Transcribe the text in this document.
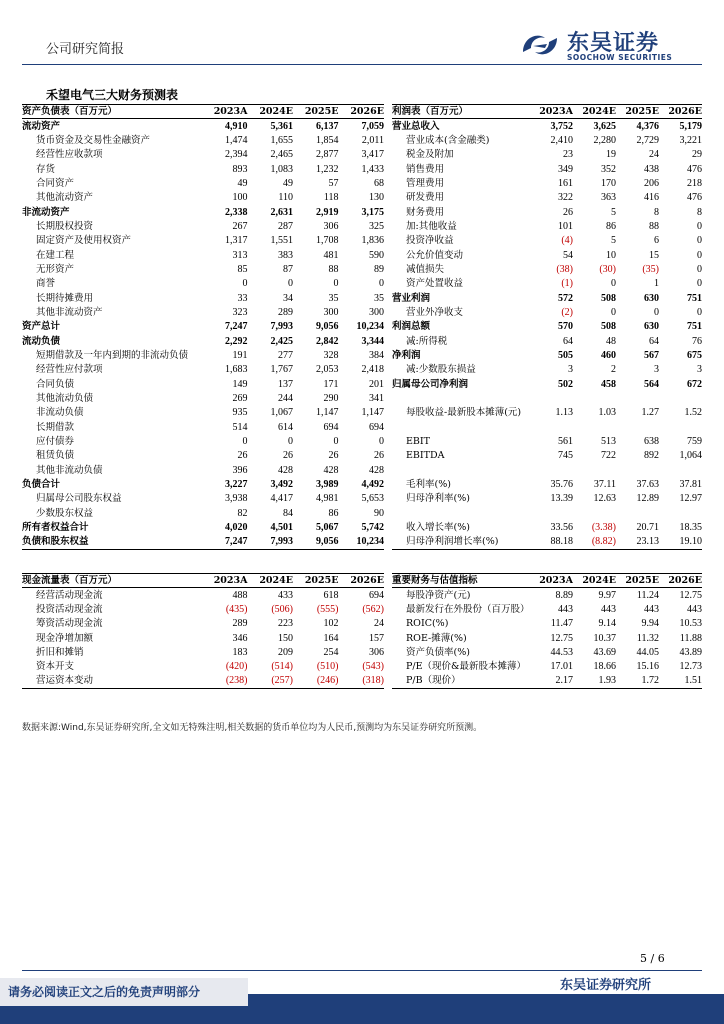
公司研究简报	东吴证券
SOOCHOW SECURITIES
禾望电气三大财务预测表
资产负债表（百万元）	2023A	2024E	2025E	2026E
流动资产	4,910	5,361	6,137	7,059
货币资金及交易性金融资产	1,474	1,655	1,854	2,011
经营性应收款项	2,394	2,465	2,877	3,417
存货	893	1,083	1,232	1,433
合同资产	49	49	57	68
其他流动资产	100	110	118	130
非流动资产	2,338	2,631	2,919	3,175
长期股权投资	267	287	306	325
固定资产及使用权资产	1,317	1,551	1,708	1,836
在建工程	313	383	481	590
无形资产	85	87	88	89
商誉	0	0	0	0
长期待摊费用	33	34	35	35
其他非流动资产	323	289	300	300
资产总计	7,247	7,993	9,056	10,234
流动负债	2,292	2,425	2,842	3,344
短期借款及一年内到期的非流动负债	191	277	328	384
经营性应付款项	1,683	1,767	2,053	2,418
合同负债	149	137	171	201
其他流动负债	269	244	290	341
非流动负债	935	1,067	1,147	1,147
长期借款	514	614	694	694
应付债券	0	0	0	0
租赁负债	26	26	26	26
其他非流动负债	396	428	428	428
负债合计	3,227	3,492	3,989	4,492
归属母公司股东权益	3,938	4,417	4,981	5,653
少数股东权益	82	84	86	90
所有者权益合计	4,020	4,501	5,067	5,742
负债和股东权益	7,247	7,993	9,056	10,234
利润表（百万元）	2023A	2024E	2025E	2026E
营业总收入	3,752	3,625	4,376	5,179
营业成本(含金融类)	2,410	2,280	2,729	3,221
税金及附加	23	19	24	29
销售费用	349	352	438	476
管理费用	161	170	206	218
研发费用	322	363	416	476
财务费用	26	5	8	8
加:其他收益	101	86	88	0
投资净收益	(4)	5	6	0
公允价值变动	54	10	15	0
减值损失	(38)	(30)	(35)	0
资产处置收益	(1)	0	1	0
营业利润	572	508	630	751
营业外净收支	(2)	0	0	0
利润总额	570	508	630	751
减:所得税	64	48	64	76
净利润	505	460	567	675
减:少数股东损益	3	2	3	3
归属母公司净利润	502	458	564	672

每股收益-最新股本摊薄(元)	1.13	1.03	1.27	1.52

EBIT	561	513	638	759
EBITDA	745	722	892	1,064

毛利率(%)	35.76	37.11	37.63	37.81
归母净利率(%)	13.39	12.63	12.89	12.97

收入增长率(%)	33.56	(3.38)	20.71	18.35
归母净利润增长率(%)	88.18	(8.82)	23.13	19.10
现金流量表（百万元）	2023A	2024E	2025E	2026E
经营活动现金流	488	433	618	694
投资活动现金流	(435)	(506)	(555)	(562)
筹资活动现金流	289	223	102	24
现金净增加额	346	150	164	157
折旧和摊销	183	209	254	306
资本开支	(420)	(514)	(510)	(543)
营运资本变动	(238)	(257)	(246)	(318)
重要财务与估值指标	2023A	2024E	2025E	2026E
每股净资产(元)	8.89	9.97	11.24	12.75
最新发行在外股份（百万股）	443	443	443	443
ROIC(%)	11.47	9.14	9.94	10.53
ROE-摊薄(%)	12.75	10.37	11.32	11.88
资产负债率(%)	44.53	43.69	44.05	43.89
P/E（现价&最新股本摊薄）	17.01	18.66	15.16	12.73
P/B（现价）	2.17	1.93	1.72	1.51
数据来源:Wind,东吴证券研究所,全文如无特殊注明,相关数据的货币单位均为人民币,预测均为东吴证券研究所预测。
5 / 6
东吴证券研究所
请务必阅读正文之后的免责声明部分
